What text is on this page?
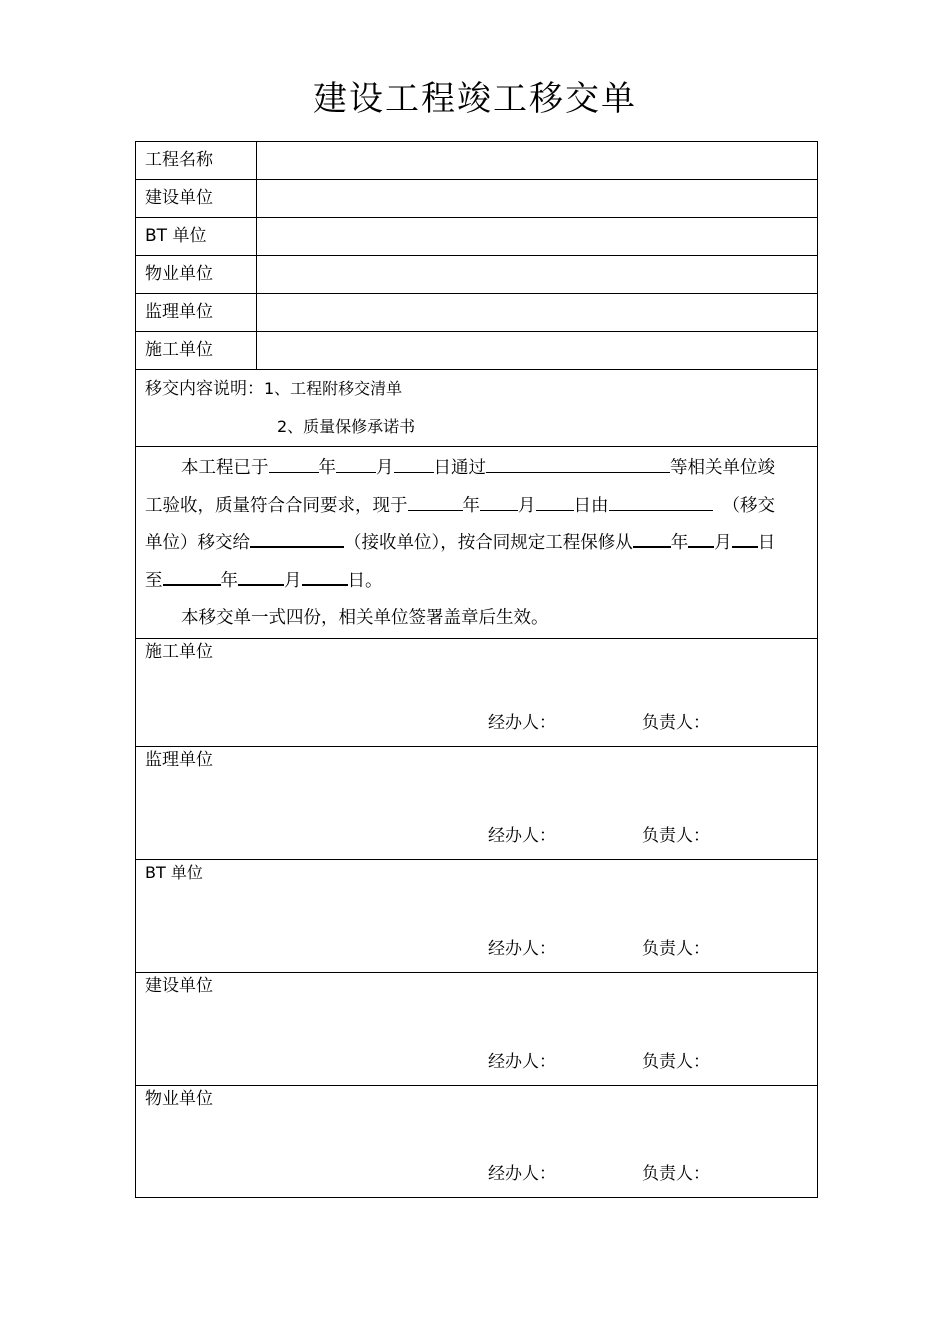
建设工程竣工移交单
工程名称	
建设单位	
BT 单位	
物业单位	
监理单位	
施工单位	

移交内容说明：1、工程附移交清单
2、质量保修承诺书	

本工程已于 年 月 日通过 等相关单位竣
工验收，质量符合合同要求，现于 年 月 日由 （移交
单位）移交给 （接收单位），按合同规定工程保修从 年 月 日
至 年 月 日。
本移交单一式四份，相关单位签署盖章后生效。	

施工单位
经办人： 负责人：	

监理单位
经办人： 负责人：	

BT 单位
经办人： 负责人：	

建设单位
经办人： 负责人：	

物业单位
经办人： 负责人：	
